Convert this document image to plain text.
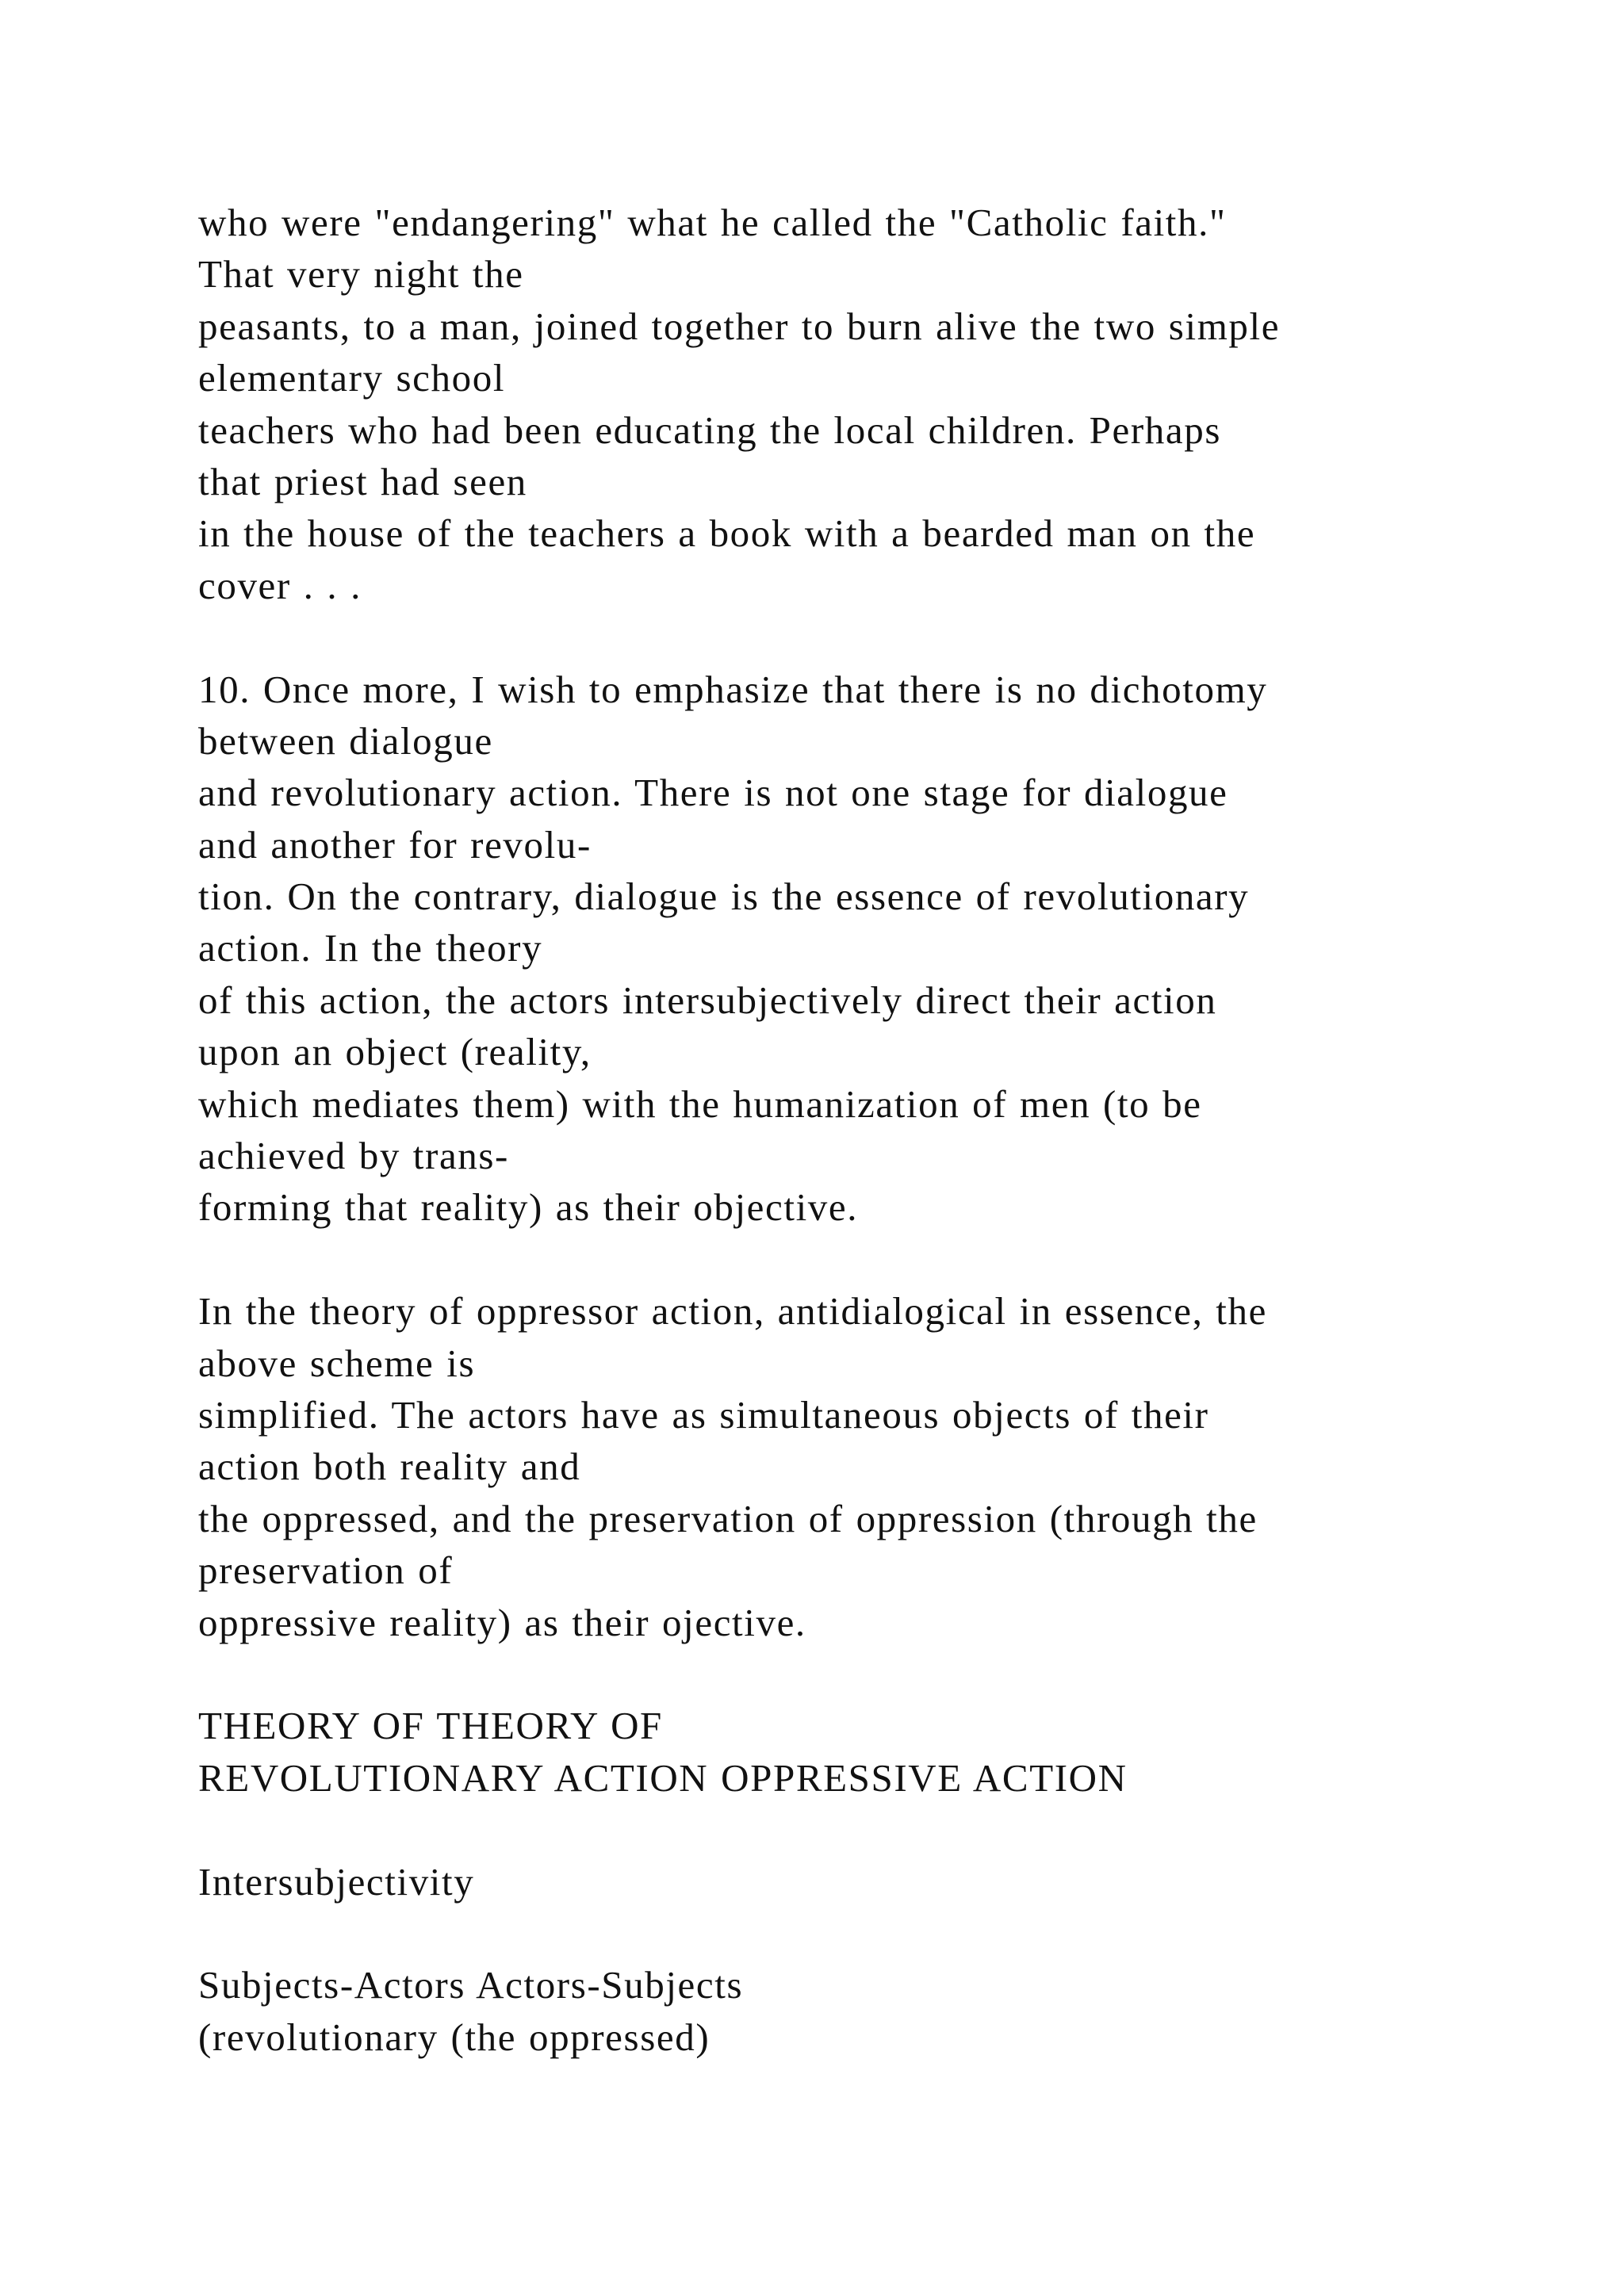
who were "endangering" what he called the "Catholic faith."
That very night the
peasants, to a man, joined together to burn alive the two simple
elementary school
teachers who had been educating the local children. Perhaps
that priest had seen
in the house of the teachers a book with a bearded man on the
cover . . .
10. Once more, I wish to emphasize that there is no dichotomy
between dialogue
and revolutionary action. There is not one stage for dialogue
and another for revolu-
tion. On the contrary, dialogue is the essence of revolutionary
action. In the theory
of this action, the actors intersubjectively direct their action
upon an object (reality,
which mediates them) with the humanization of men (to be
achieved by trans-
forming that reality) as their objective.
In the theory of oppressor action, antidialogical in essence, the
above scheme is
simplified. The actors have as simultaneous objects of their
action both reality and
the oppressed, and the preservation of oppression (through the
preservation of
oppressive reality) as their ojective.
THEORY OF THEORY OF
REVOLUTIONARY ACTION OPPRESSIVE ACTION
Intersubjectivity
Subjects-Actors Actors-Subjects
(revolutionary (the oppressed)
